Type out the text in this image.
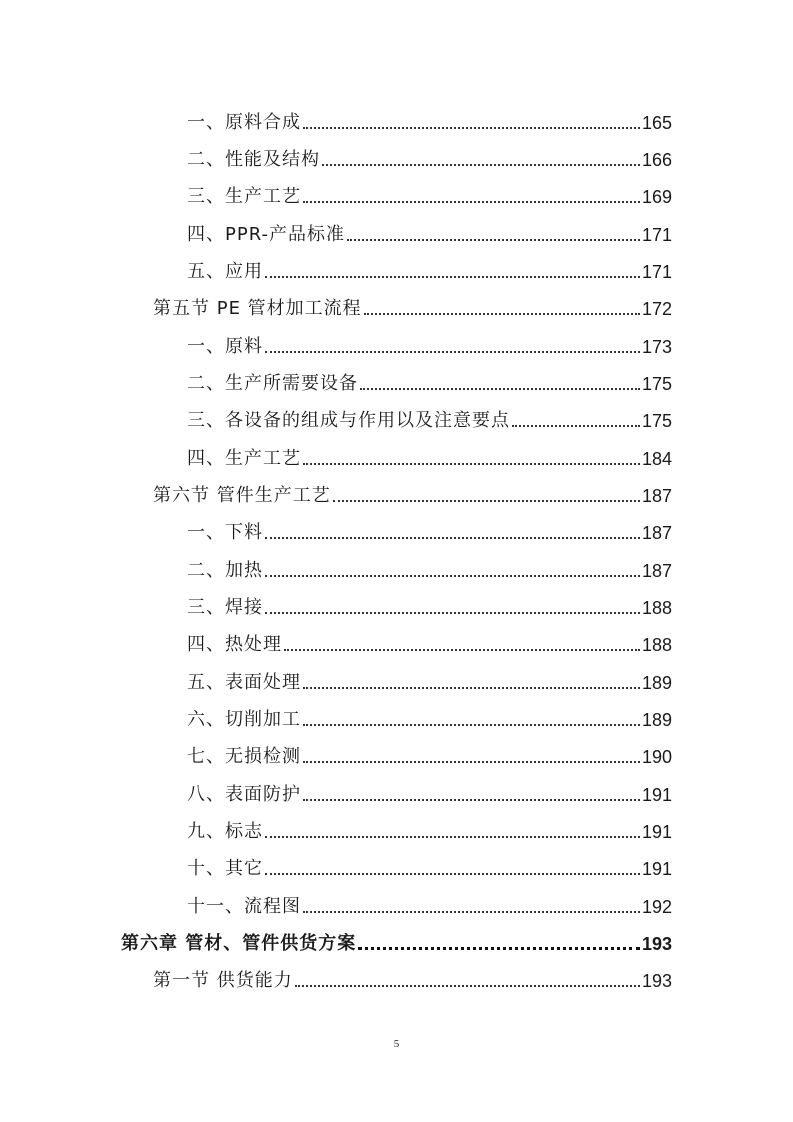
一、原料合成	165
二、性能及结构	166
三、生产工艺	169
四、PPR-产品标准	171
五、应用	171
第五节 PE 管材加工流程	172
一、原料	173
二、生产所需要设备	175
三、各设备的组成与作用以及注意要点	175
四、生产工艺	184
第六节 管件生产工艺	187
一、下料	187
二、加热	187
三、焊接	188
四、热处理	188
五、表面处理	189
六、切削加工	189
七、无损检测	190
八、表面防护	191
九、标志	191
十、其它	191
十一、流程图	192
第六章 管材、管件供货方案	193
第一节 供货能力	193
5
